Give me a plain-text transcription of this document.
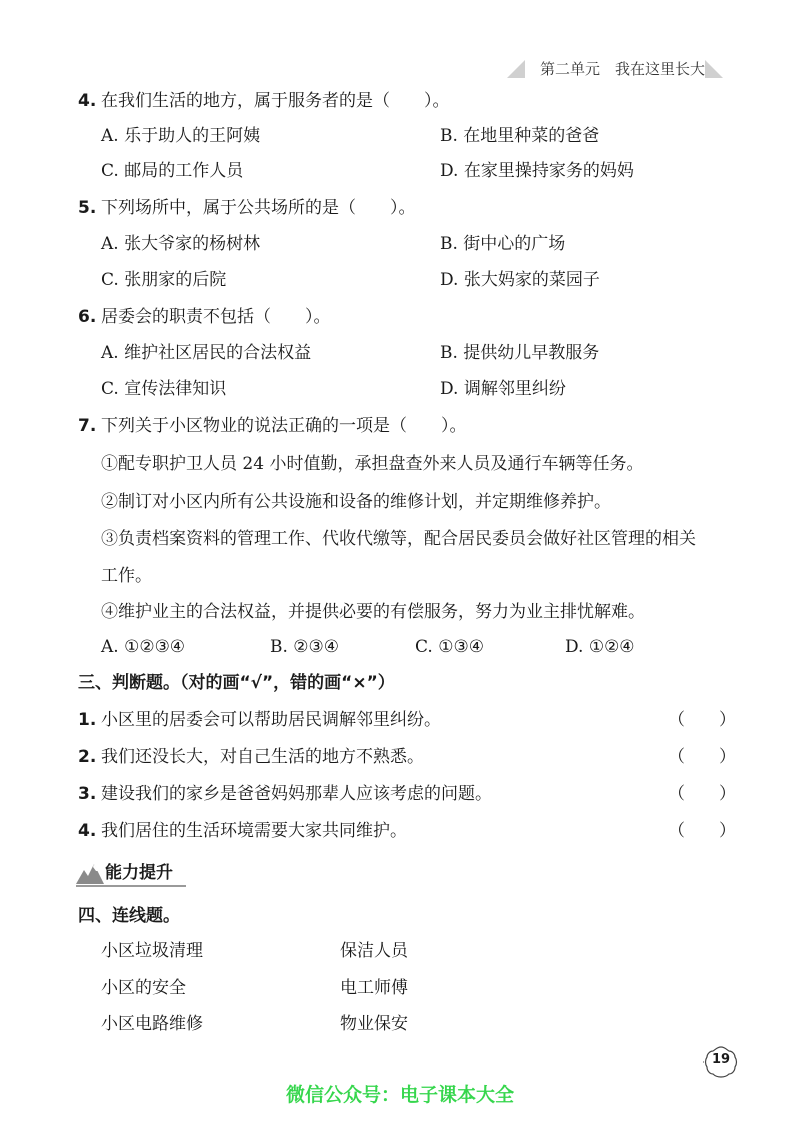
第二单元　我在这里长大
4. 在我们生活的地方，属于服务者的是（　　）。
A. 乐于助人的王阿姨	B. 在地里种菜的爸爸
C. 邮局的工作人员	D. 在家里操持家务的妈妈
5. 下列场所中，属于公共场所的是（　　）。
A. 张大爷家的杨树林	B. 街中心的广场
C. 张朋家的后院	D. 张大妈家的菜园子
6. 居委会的职责不包括（　　）。
A. 维护社区居民的合法权益	B. 提供幼儿早教服务
C. 宣传法律知识	D. 调解邻里纠纷
7. 下列关于小区物业的说法正确的一项是（　　）。
①配专职护卫人员 24 小时值勤，承担盘查外来人员及通行车辆等任务。
②制订对小区内所有公共设施和设备的维修计划，并定期维修养护。
③负责档案资料的管理工作、代收代缴等，配合居民委员会做好社区管理的相关
工作。
④维护业主的合法权益，并提供必要的有偿服务，努力为业主排忧解难。
A. ①②③④	B. ②③④	C. ①③④	D. ①②④
三、判断题。（对的画“√”，错的画“×”）
1. 小区里的居委会可以帮助居民调解邻里纠纷。	（　　）
2. 我们还没长大，对自己生活的地方不熟悉。	（　　）
3. 建设我们的家乡是爸爸妈妈那辈人应该考虑的问题。	（　　）
4. 我们居住的生活环境需要大家共同维护。	（　　）
能力提升
四、连线题。
小区垃圾清理	保洁人员
小区的安全	电工师傅
小区电路维修	物业保安
19
微信公众号：电子课本大全
